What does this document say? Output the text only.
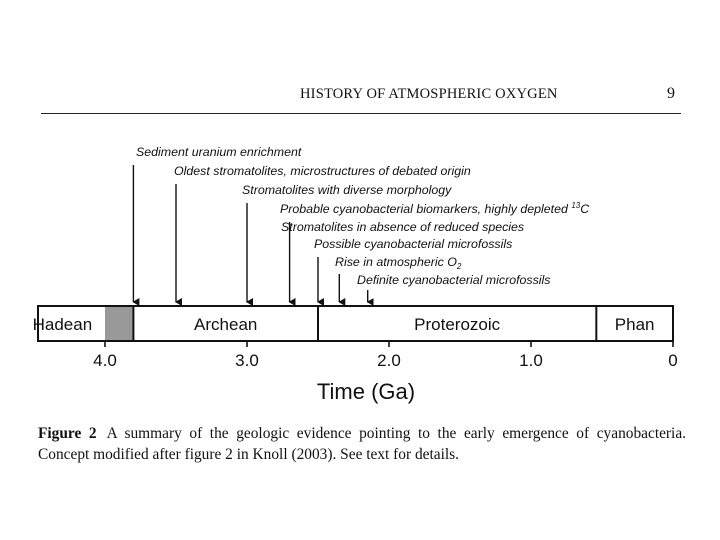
HISTORY OF ATMOSPHERIC OXYGEN	9
Hadean	Archean	Proterozoic	Phan
Sediment uranium enrichment
Oldest stromatolites, microstructures of debated origin
Stromatolites with diverse morphology
Probable cyanobacterial biomarkers, highly depleted $^{13}$C
Stromatolites in absence of reduced species
Possible cyanobacterial microfossils
Rise in atmospheric $O_2$
Definite cyanobacterial microfossils
4.0	3.0	2.0	1.0	0
Time (Ga)
Figure 2 A summary of the geologic evidence pointing to the early emergence of cyanobacteria. Concept modified after figure 2 in Knoll (2003). See text for details.
